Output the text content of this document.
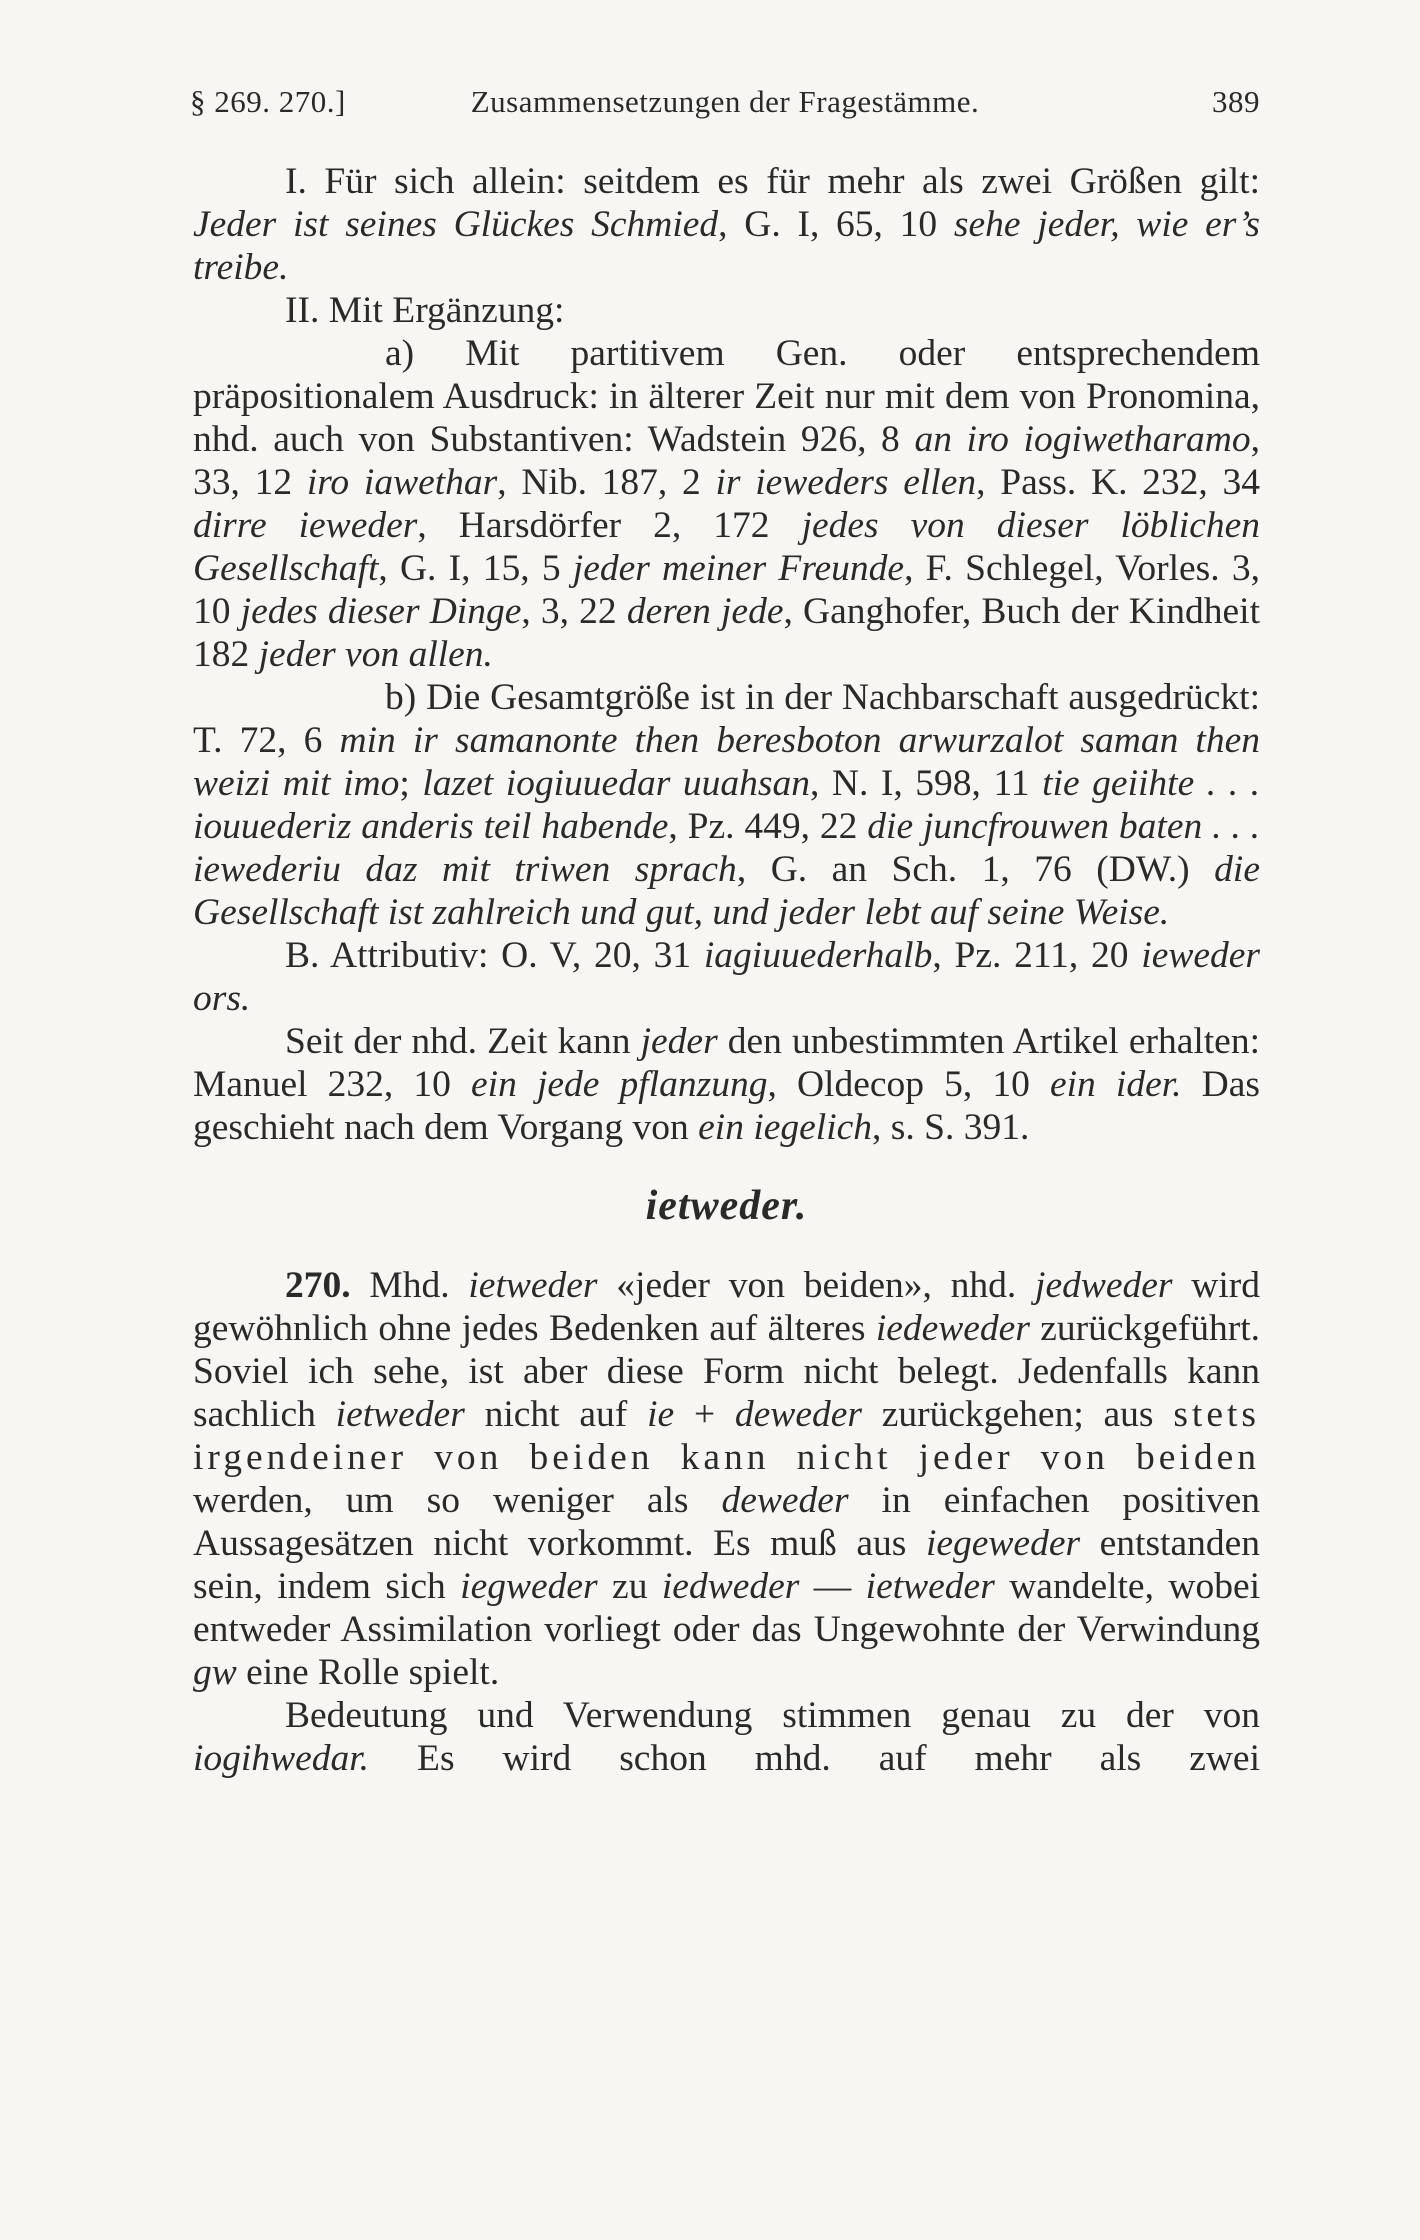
§ 269. 270.]	Zusammensetzungen der Fragestämme.	389

I. Für sich allein: seitdem es für mehr als zwei Größen gilt: Jeder ist seines Glückes Schmied, G. I, 65, 10 sehe jeder, wie er’s treibe.

II. Mit Ergänzung:

a) Mit partitivem Gen. oder entsprechendem präpositionalem Ausdruck: in älterer Zeit nur mit dem von Pronomina, nhd. auch von Substantiven: Wadstein 926, 8 an iro iogiwetharamo, 33, 12 iro iawethar, Nib. 187, 2 ir ieweders ellen, Pass. K. 232, 34 dirre ieweder, Harsdörfer 2, 172 jedes von dieser löblichen Gesellschaft, G. I, 15, 5 jeder meiner Freunde, F. Schlegel, Vorles. 3, 10 jedes dieser Dinge, 3, 22 deren jede, Ganghofer, Buch der Kindheit 182 jeder von allen.

b) Die Gesamtgröße ist in der Nachbarschaft ausgedrückt: T. 72, 6 min ir samanonte then beresboton arwurzalot saman then weizi mit imo; lazet iogiuuedar uuahsan, N. I, 598, 11 tie geiihte . . . iouuederiz anderis teil habende, Pz. 449, 22 die juncfrouwen baten . . . iewederiu daz mit triwen sprach, G. an Sch. 1, 76 (DW.) die Gesellschaft ist zahlreich und gut, und jeder lebt auf seine Weise.

B. Attributiv: O. V, 20, 31 iagiuuederhalb, Pz. 211, 20 ieweder ors.

Seit der nhd. Zeit kann jeder den unbestimmten Artikel erhalten: Manuel 232, 10 ein jede pflanzung, Oldecop 5, 10 ein ider. Das geschieht nach dem Vorgang von ein iegelich, s. S. 391.

ietweder.

270. Mhd. ietweder «jeder von beiden», nhd. jedweder wird gewöhnlich ohne jedes Bedenken auf älteres iedeweder zurückgeführt. Soviel ich sehe, ist aber diese Form nicht belegt. Jedenfalls kann sachlich ietweder nicht auf ie + deweder zurückgehen; aus stets irgendeiner von beiden kann nicht jeder von beiden werden, um so weniger als deweder in einfachen positiven Aussagesätzen nicht vorkommt. Es muß aus iegeweder entstanden sein, indem sich iegweder zu iedweder — ietweder wandelte, wobei entweder Assimilation vorliegt oder das Ungewohnte der Verwindung gw eine Rolle spielt.

Bedeutung und Verwendung stimmen genau zu der von iogihwedar. Es wird schon mhd. auf mehr als zwei
